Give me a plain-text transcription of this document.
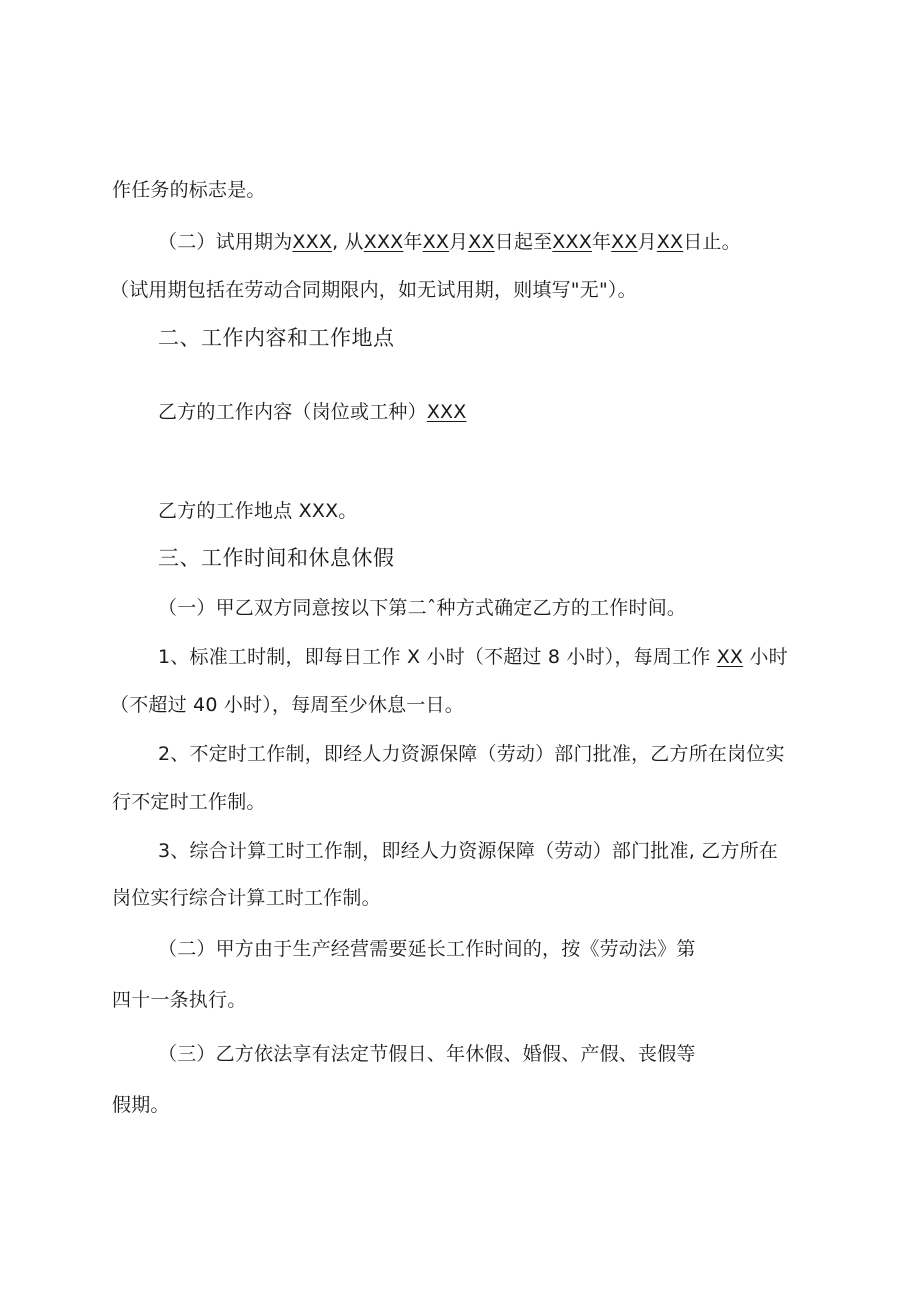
作任务的标志是。
（二）试用期为XXX, 从XXX年XX月XX日起至XXX年XX月XX日止。
（试用期包括在劳动合同期限内，如无试用期，则填写"无"）。
二、工作内容和工作地点
乙方的工作内容（岗位或工种）XXX
乙方的工作地点 XXX。
三、工作时间和休息休假
（一）甲乙双方同意按以下第二ˆ种方式确定乙方的工作时间。
1、标准工时制，即每日工作 X 小时（不超过 8 小时），每周工作 XX 小时
（不超过 40 小时），每周至少休息一日。
2、不定时工作制，即经人力资源保障（劳动）部门批准，乙方所在岗位实
行不定时工作制。
3、综合计算工时工作制，即经人力资源保障（劳动）部门批准, 乙方所在
岗位实行综合计算工时工作制。
（二）甲方由于生产经营需要延长工作时间的，按《劳动法》第
四十一条执行。
（三）乙方依法享有法定节假日、年休假、婚假、产假、丧假等
假期。
